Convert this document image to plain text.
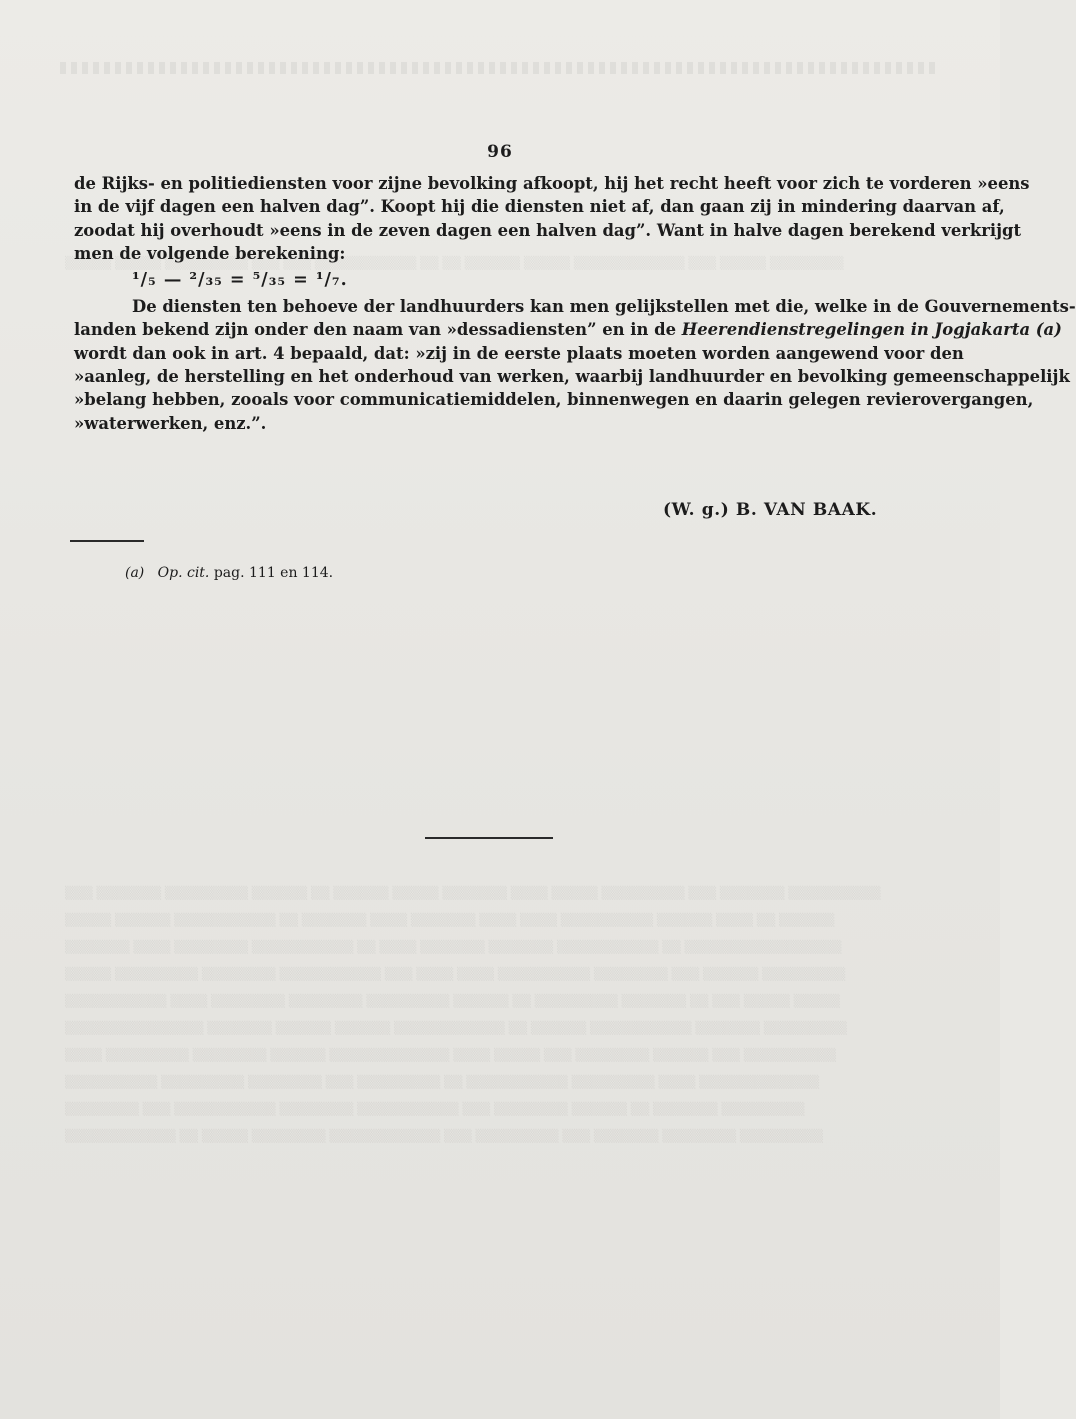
96
de Rijks- en politiediensten voor zijne bevolking afkoopt, hij het recht heeft voor zich te vorderen »eens
in de vijf dagen een halven dag”. Koopt hij die diensten niet af, dan gaan zij in mindering daarvan af,
zoodat hij overhoudt »eens in de zeven dagen een halven dag”. Want in halve dagen berekend verkrijgt
men de volgende berekening:
¹/₅ — ²/₃₅ = ⁵/₃₅ = ¹/₇.
De diensten ten behoeve der landhuurders kan men gelijkstellen met die, welke in de Gouvernements-
landen bekend zijn onder den naam van »dessadiensten” en in de Heerendienstregelingen in Jogjakarta (a)
wordt dan ook in art. 4 bepaald, dat: »zij in de eerste plaats moeten worden aangewend voor den
»aanleg, de herstelling en het onderhoud van werken, waarbij landhuurder en bevolking gemeenschappelijk
»belang hebben, zooals voor communicatiemiddelen, binnenwegen en daarin gelegen revierovergangen,
»waterwerken, enz.”.
(W. g.) B. VAN BAAK.
(a) Op. cit. pag. 111 en 114.
